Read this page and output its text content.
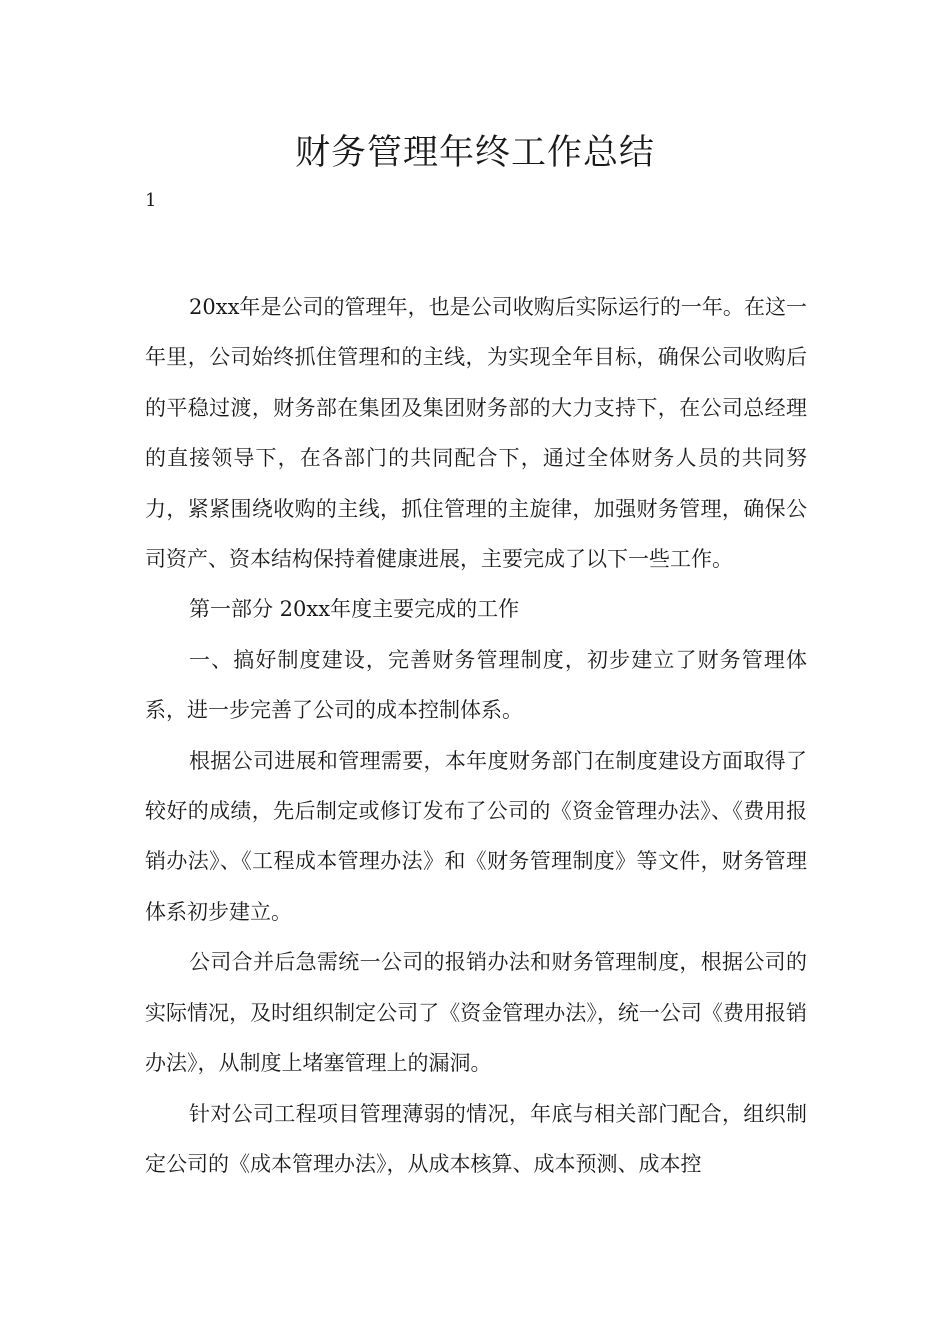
财务管理年终工作总结
1

20xx年是公司的管理年，也是公司收购后实际运行的一年。在这一年里，公司始终抓住管理和的主线，为实现全年目标，确保公司收购后的平稳过渡，财务部在集团及集团财务部的大力支持下，在公司总经理的直接领导下，在各部门的共同配合下，通过全体财务人员的共同努力，紧紧围绕收购的主线，抓住管理的主旋律，加强财务管理，确保公司资产、资本结构保持着健康进展，主要完成了以下一些工作。

第一部分 20xx年度主要完成的工作

一、搞好制度建设，完善财务管理制度，初步建立了财务管理体系，进一步完善了公司的成本控制体系。

根据公司进展和管理需要，本年度财务部门在制度建设方面取得了较好的成绩，先后制定或修订发布了公司的《资金管理办法》、《费用报销办法》、《工程成本管理办法》和《财务管理制度》等文件，财务管理体系初步建立。

公司合并后急需统一公司的报销办法和财务管理制度，根据公司的实际情况，及时组织制定公司了《资金管理办法》，统一公司《费用报销办法》，从制度上堵塞管理上的漏洞。

针对公司工程项目管理薄弱的情况，年底与相关部门配合，组织制定公司的《成本管理办法》，从成本核算、成本预测、成本控
